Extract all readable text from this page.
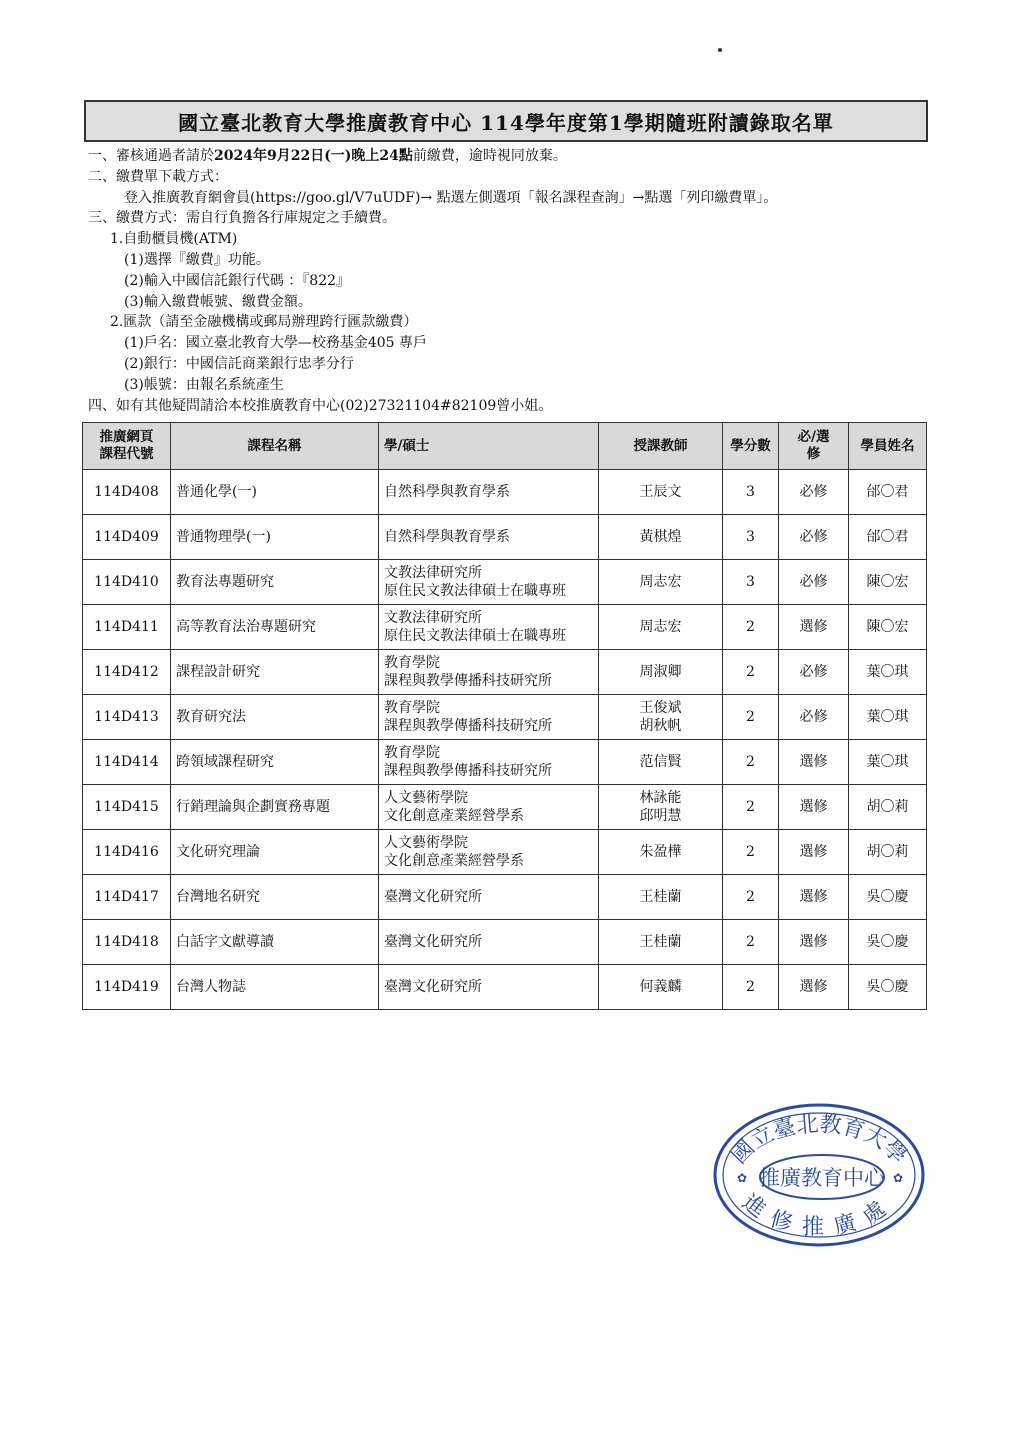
國立臺北教育大學推廣教育中心 114學年度第1學期隨班附讀錄取名單
一、審核通過者請於2024年9月22日(一)晚上24點前繳費，逾時視同放棄。
二、繳費單下載方式：
登入推廣教育網會員(https://goo.gl/V7uUDF)→ 點選左側選項「報名課程查詢」→點選「列印繳費單」。
三、繳費方式：需自行負擔各行庫規定之手續費。
1.自動櫃員機(ATM)
(1)選擇『繳費』功能。
(2)輸入中國信託銀行代碼 ：『822』
(3)輸入繳費帳號、繳費金額。
2.匯款（請至金融機構或郵局辦理跨行匯款繳費）
(1)戶名：國立臺北教育大學—校務基金405 專戶
(2)銀行：中國信託商業銀行忠孝分行
(3)帳號：由報名系統產生
四、如有其他疑問請洽本校推廣教育中心(02)27321104#82109曾小姐。
推廣網頁
課程代號	課程名稱	學/碩士	授課教師	學分數	必/選
修	學員姓名
114D408	普通化學(一)	自然科學與教育學系	王辰文	3	必修	邰〇君
114D409	普通物理學(一)	自然科學與教育學系	黃棋煌	3	必修	邰〇君
114D410	教育法專題研究	文教法律研究所
原住民文教法律碩士在職專班	周志宏	3	必修	陳〇宏
114D411	高等教育法治專題研究	文教法律研究所
原住民文教法律碩士在職專班	周志宏	2	選修	陳〇宏
114D412	課程設計研究	教育學院
課程與教學傳播科技研究所	周淑卿	2	必修	葉〇琪
114D413	教育研究法	教育學院
課程與教學傳播科技研究所	王俊斌
胡秋帆	2	必修	葉〇琪
114D414	跨領域課程研究	教育學院
課程與教學傳播科技研究所	范信賢	2	選修	葉〇琪
114D415	行銷理論與企劃實務專題	人文藝術學院
文化創意產業經營學系	林詠能
邱明慧	2	選修	胡〇莉
114D416	文化研究理論	人文藝術學院
文化創意產業經營學系	朱盈樺	2	選修	胡〇莉
114D417	台灣地名研究	臺灣文化研究所	王桂蘭	2	選修	吳〇慶
114D418	白話字文獻導讀	臺灣文化研究所	王桂蘭	2	選修	吳〇慶
114D419	台灣人物誌	臺灣文化研究所	何義麟	2	選修	吳〇慶
國立臺北教育大學
推廣教育中心
進修推廣處
✿	✿
